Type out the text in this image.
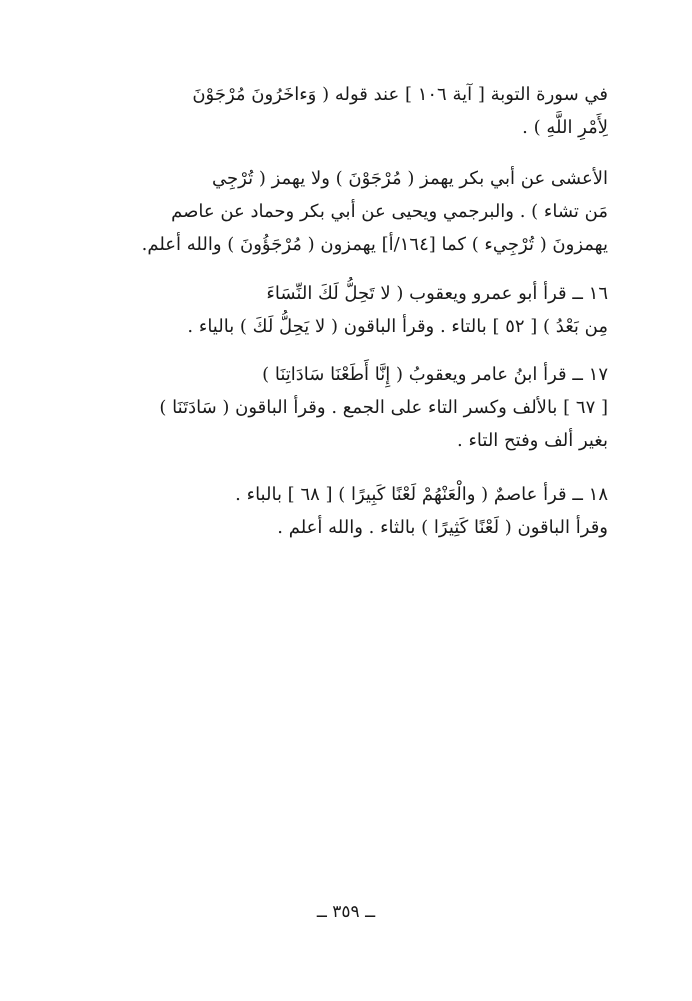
في سورة التوبة [ آية ١٠٦ ] عند قوله ( وَءاخَرُونَ مُرْجَوْنَ
لِأَمْرِ اللَّهِ ) .
الأعشى عن أبي بكر يهمز ( مُرْجَوْنَ ) ولا يهمز ( تُرْجِي
مَن تشاء ) . والبرجمي ويحيى عن أبي بكر وحماد عن عاصم
يهمزونَ ( تُرْجِيء ) كما [١٦٤/أ] يهمزون ( مُرْجَؤُونَ ) والله أعلم.
١٦ ــ قرأ أبو عمرو ويعقوب ( لا تَحِلُّ لَكَ النِّسَاءَ
مِن بَعْدُ ) [ ٥٢ ] بالتاء . وقرأ الباقون ( لا يَحِلُّ لَكَ ) بالياء .
١٧ ــ قرأ ابنُ عامر ويعقوبُ ( إِنَّا أَطَعْنَا سَادَاتِنَا )
[ ٦٧ ] بالألف وكسر التاء على الجمع . وقرأ الباقون ( سَادَتَنَا )
بغير ألف وفتح التاء .
١٨ ــ قرأ عاصمٌ ( والْعَنْهُمْ لَعْنًا كَبِيرًا ) [ ٦٨ ] بالباء .
وقرأ الباقون ( لَعْنًا كَثِيرًا ) بالثاء . والله أعلم .
ــ ٣٥٩ ــ
